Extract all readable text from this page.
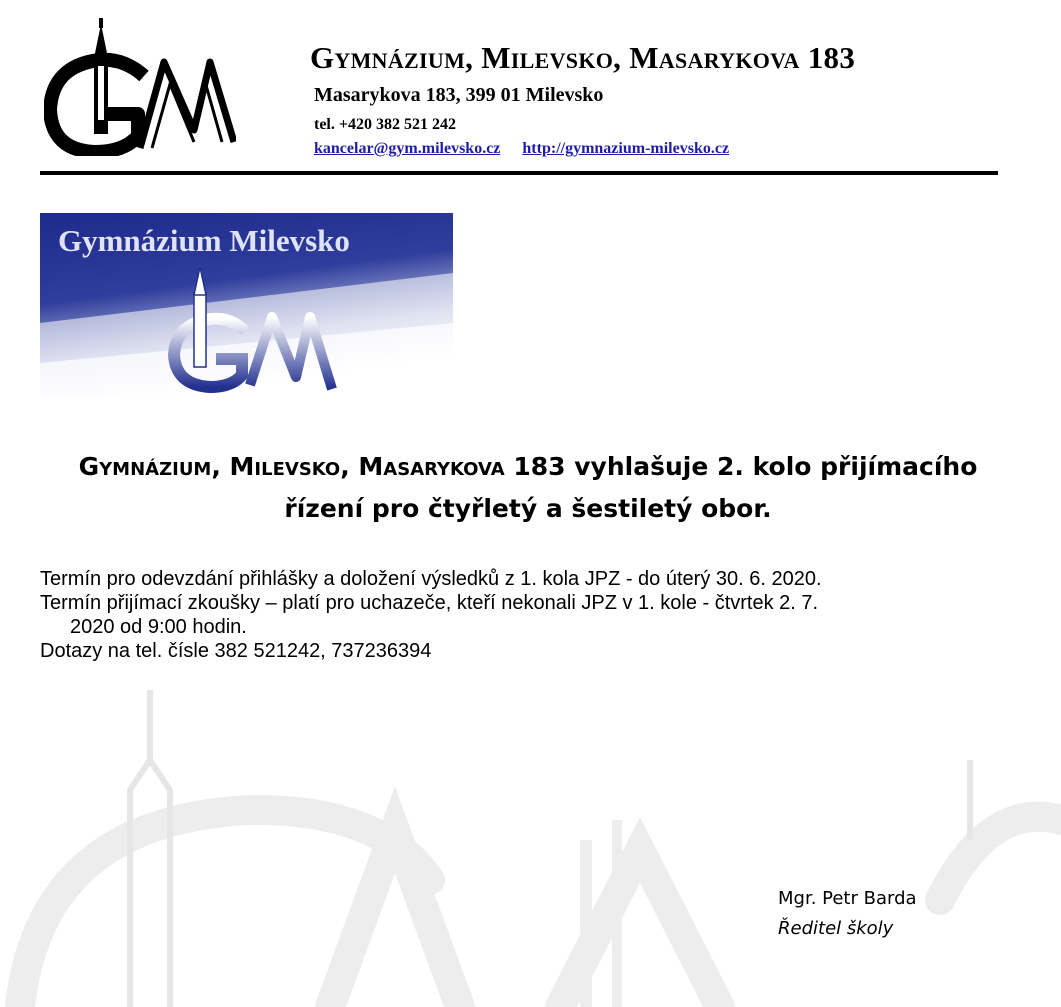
Gymnázium, Milevsko, Masarykova 183
Masarykova 183, 399 01 Milevsko
tel. +420 382 521 242
kancelar@gym.milevsko.cz http://gymnazium-milevsko.cz
Gymnázium Milevsko
Gymnázium, Milevsko, Masarykova 183 vyhlašuje 2. kolo přijímacího řízení pro čtyřletý a šestiletý obor.

Termín pro odevzdání přihlášky a doložení výsledků z 1. kola JPZ - do úterý 30. 6. 2020.

Termín přijímací zkoušky – platí pro uchazeče, kteří nekonali JPZ v 1. kole - čtvrtek 2. 7.

2020 od 9:00 hodin.

Dotazy na tel. čísle 382 521242, 737236394

Mgr. Petr Barda
Ředitel školy
